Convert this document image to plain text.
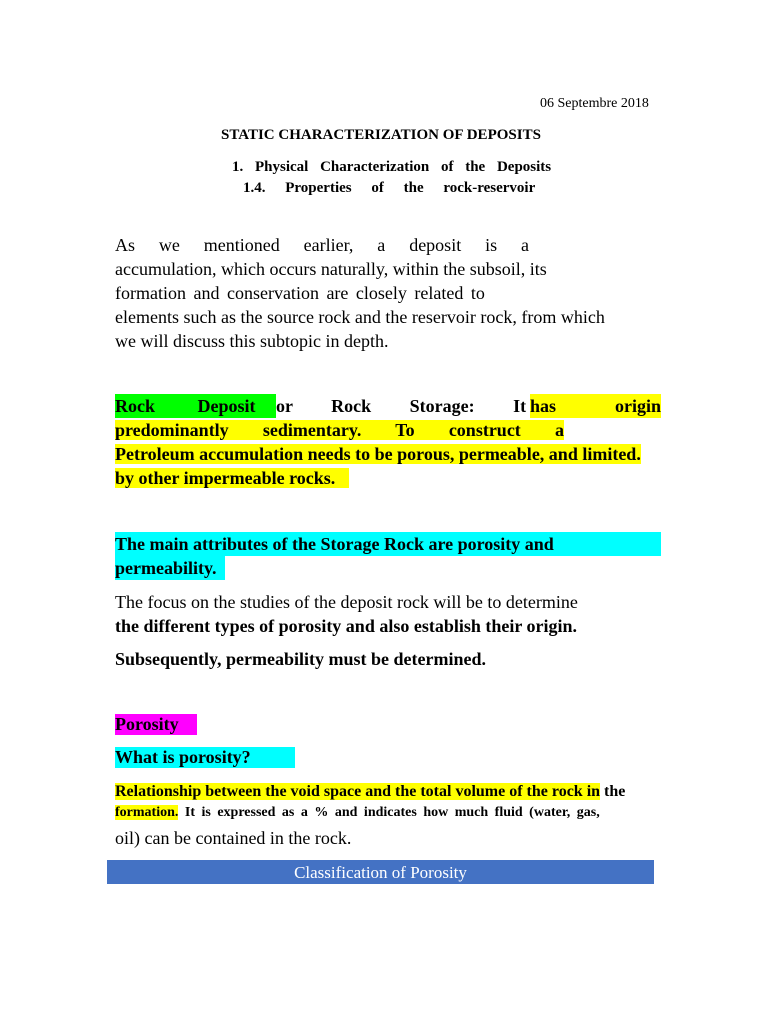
06 Septembre 2018
STATIC CHARACTERIZATION OF DEPOSITS
1. Physical Characterization of the Deposits
1.4. Properties of the rock-reservoir
As we mentioned earlier, a deposit is a
accumulation, which occurs naturally, within the subsoil, its
formation and conservation are closely related to
elements such as the source rock and the reservoir rock, from which
we will discuss this subtopic in depth.
Rock Deposit	or Rock Storage: It has origin
predominantly sedimentary. To construct a
Petroleum accumulation needs to be porous, permeable, and limited.
by other impermeable rocks.
The main attributes of the Storage Rock are porosity and
permeability.
The focus on the studies of the deposit rock will be to determine
the different types of porosity and also establish their origin.
Subsequently, permeability must be determined.
Porosity
What is porosity?
Relationship between the void space and the total volume of the rock in the
formation. It is expressed as a % and indicates how much fluid (water, gas,
oil) can be contained in the rock.
Classification of Porosity
